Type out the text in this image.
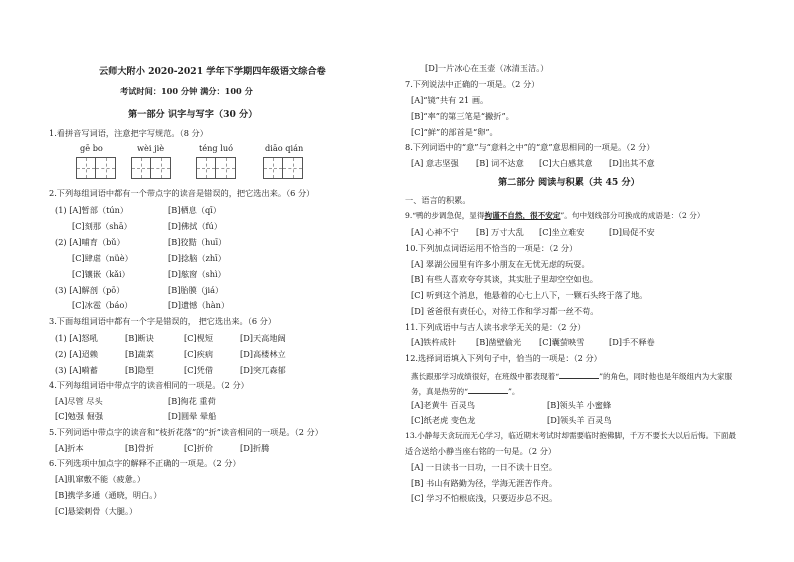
云师大附小 2020-2021 学年下学期四年级语文综合卷
考试时间：100 分钟 满分：100 分
第一部分 识字与写字（30 分）
1.看拼音写词语，注意把字写规范。（8 分）
gē bo	wèi jiè	téng luó	diāo qián
2.下列每组词语中都有一个带点字的读音是错误的，把它选出来。（6 分）
(1) [A]暂部（tún）	[B]栖息（qī）
[C]刻那（shā）	[D]佛拭（fú）
(2) [A]哺育（bǔ）	[B]狡黠（huī）
[C]肆虐（nüè）	[D]捻脑（zhī）
[C]镶嵌（kǎi）	[D]舷窗（shì）
(3) [A]解剖（pō）	[B]胎膜（jiá）
[C]冰雹（báo）	[D]遗憾（hàn）
3.下面每组词语中都有一个字是错误的， 把它选出来。（6 分）
(1) [A]怒吼	[B]断诀	[C]枧短	[D]天高地阔
(2) [A]迢赖	[B]蔬菜	[C]疾病	[D]高楼林立
(3) [A]嗬蓄	[B]隐型	[C]凭借	[D]突兀森郁
4.下列每组词语中带点字的读音相同的一项是。（2 分）
[A]尽管 尽头	[B]徇花 重荷
[C]勉强 倔强	[D]圆晕 晕船
5.下列词语中带点字的读音和“枝折花落”的“折”读音相同的一项是。（2 分）
[A]折本	[B]骨折	[C]折价	[D]折腾
6.下列选项中加点字的解释不正确的一项是。（2 分）
[A]肌窜敷不能（疲惫。）
[B]携学多通（通晓，明白。）
[C]悬梁刺骨（大腿。）
[D]一片冰心在玉壶（冰清玉洁。）
7.下列说法中正确的一项是。（2 分）
[A]“镜”共有 21 画。
[B]“率”的第三笔是“撇折”。
[C]“鲜”的部首是“卵”。
8.下列词语中的“意”与“意料之中”的“意”意思相同的一项是。（2 分）
[A] 意志坚强 [B] 词不达意 [C]大白感其意 [D]出其不意
第二部分 阅读与积累（共 45 分）
一、语言的积累。
9.“鸭的步调急促，显得拘谨不自然，很不安定”。句中划线部分可换成的成语是：（2 分）
[A] 心神不宁 [B] 万寸大乱 [C]坐立难安	[D]局促不安
10.下列加点词语运用不恰当的一项是：（2 分）
[A] 翠湖公园里有许多小朋友在无忧无虑的玩耍。
[B] 有些人喜欢夸夸其谈，其实肚子里却空空如也。
[C] 听到这个消息，他悬着的心七上八下，一颗石头终于落了地。
[D] 爸爸很有责任心，对待工作和学习都一丝不苟。
11.下列成语中与古人读书求学无关的是：（2 分）
[A]铁杵成针 [B]凿壁偷光 [C]囊萤映雪	[D]手不释卷
12.选择词语填入下列句子中，恰当的一项是：（2 分）
燕长跟那学习成绩很好，在班级中都表现着“	”的角色，同时他也是年级组内为大家服
务，真是热劳的“	”。
[A]老黄牛 百灵鸟	[B]领头羊 小蜜蜂
[C]纸老虎 变色龙	[D]领头羊 百灵鸟
13.小静每天贪玩而无心学习，临近期末考试时却需要临时抱佛脚，千万不要长大以后后悔。下面最
适合送给小静当座右铭的一句是。（2 分）
[A] 一日读书一日功，一日不读十日空。
[B] 书山有路勤为径，学海无涯苦作舟。
[C] 学习不怕根底浅，只要迈步总不迟。
